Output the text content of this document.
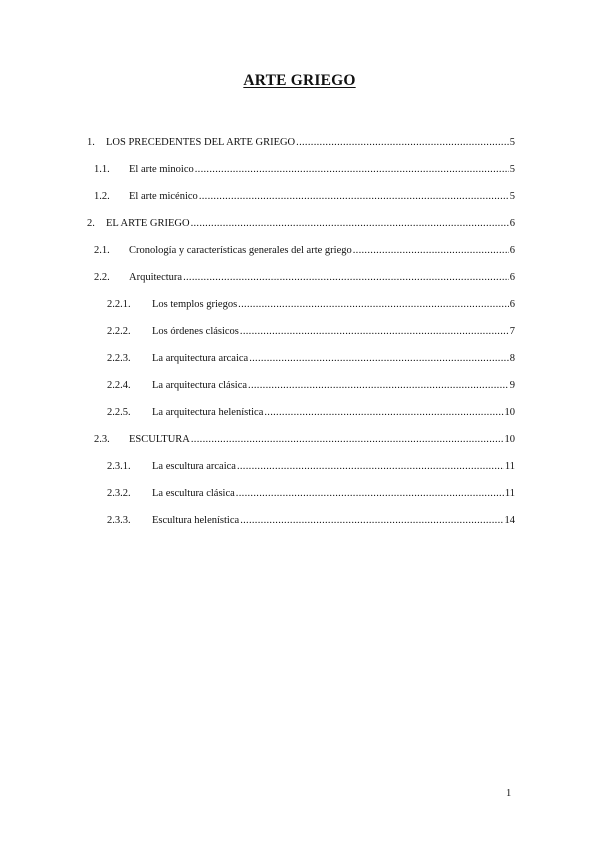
ARTE GRIEGO
1. LOS PRECEDENTES DEL ARTE GRIEGO .....	5
1.1. El arte minoico .....	5
1.2. El arte micénico .....	5
2. EL ARTE GRIEGO .....	6
2.1. Cronología y características generales del arte griego .....	6
2.2. Arquitectura .....	6
2.2.1. Los templos griegos .....	6
2.2.2. Los órdenes clásicos .....	7
2.2.3. La arquitectura arcaica .....	8
2.2.4. La arquitectura clásica .....	9
2.2.5. La arquitectura helenística .....	10
2.3. ESCULTURA .....	10
2.3.1. La escultura arcaica .....	11
2.3.2. La escultura clásica .....	11
2.3.3. Escultura helenística .....	14
1
